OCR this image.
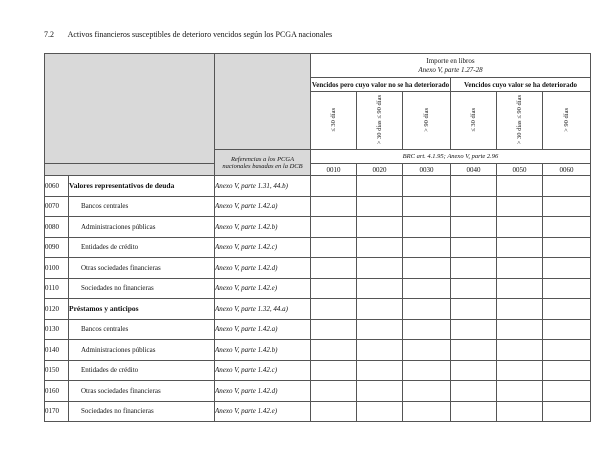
7.2 Activos financieros susceptibles de deterioro vencidos según los PCGA nacionales

			Importe en libros
Anexo V, parte 1.27-28					

			Vencidos pero cuyo valor no se ha deteriorado			Vencidos cuyo valor se ha deteriorado		
			≤ 30 días	> 30 días ≤ 90 días	> 90 días	≤ 30 días	> 30 días ≤ 90 días	> 90 días
		Referencias a los PCGA nacionales basadas en la DCB	BRC art. 4.1.95; Anexo V, parte 2.96					
			0010	0020	0030	0040	0050	0060
0060	Valores representativos de deuda	Anexo V, parte 1.31, 44.b)						
0070	Bancos centrales	Anexo V, parte 1.42.a)						
0080	Administraciones públicas	Anexo V, parte 1.42.b)						
0090	Entidades de crédito	Anexo V, parte 1.42.c)						
0100	Otras sociedades financieras	Anexo V, parte 1.42.d)						
0110	Sociedades no financieras	Anexo V, parte 1.42.e)						
0120	Préstamos y anticipos	Anexo V, parte 1.32, 44.a)						
0130	Bancos centrales	Anexo V, parte 1.42.a)						
0140	Administraciones públicas	Anexo V, parte 1.42.b)						
0150	Entidades de crédito	Anexo V, parte 1.42.c)						
0160	Otras sociedades financieras	Anexo V, parte 1.42.d)						
0170	Sociedades no financieras	Anexo V, parte 1.42.e)						
